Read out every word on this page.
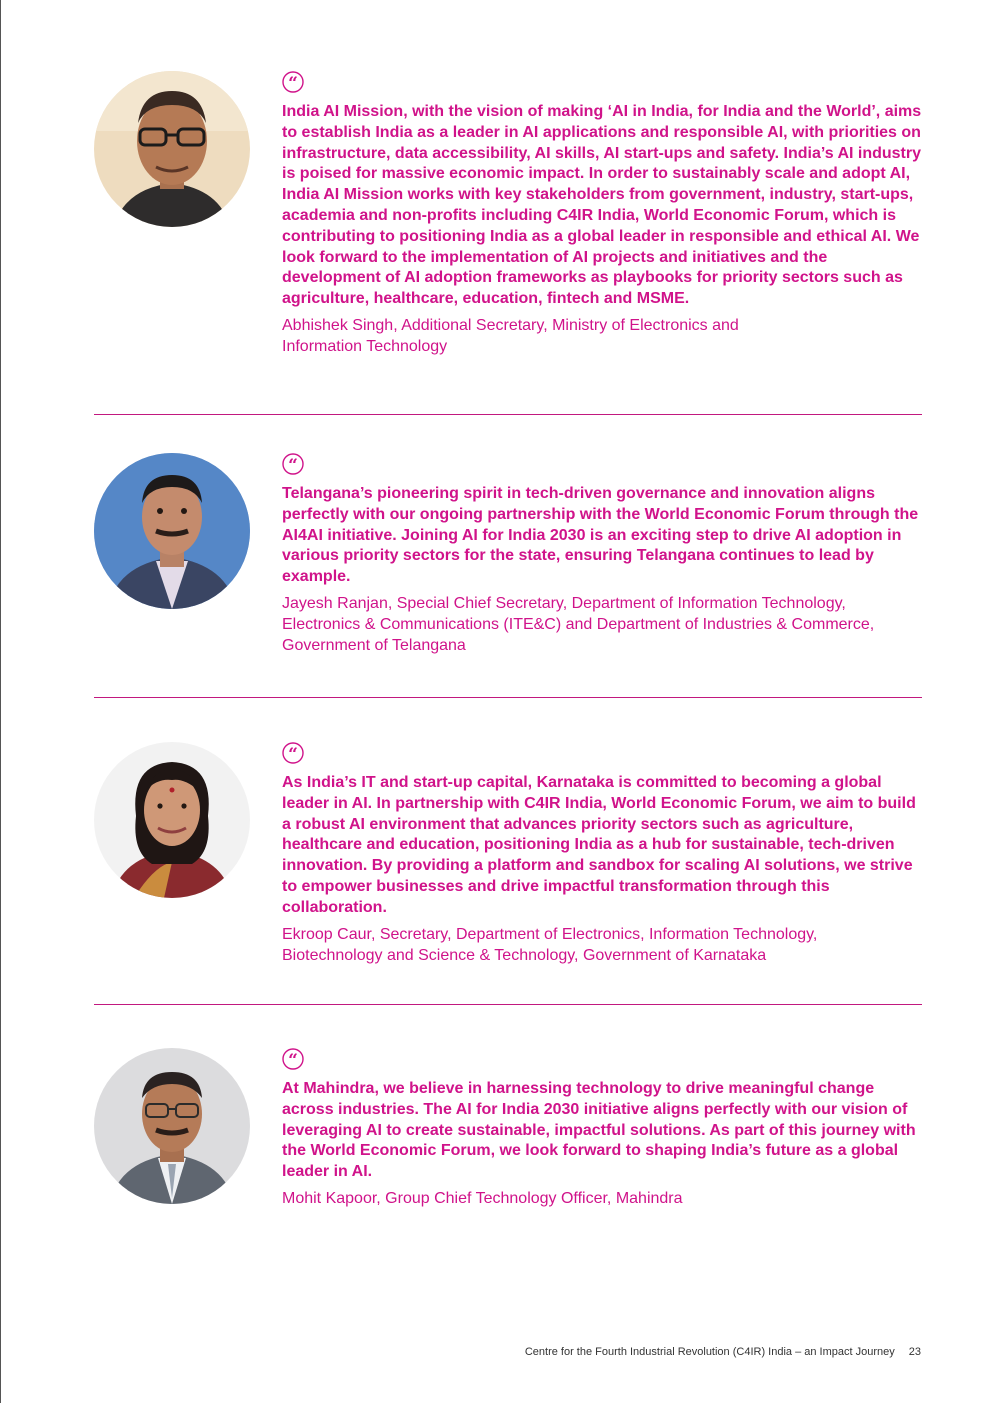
“

India AI Mission, with the vision of making ‘AI in India, for India and the World’, aims to establish India as a leader in AI applications and responsible AI, with priorities on infrastructure, data accessibility, AI skills, AI start-ups and safety. India’s AI industry is poised for massive economic impact. In order to sustainably scale and adopt AI, India AI Mission works with key stakeholders from government, industry, start-ups, academia and non-profits including C4IR India, World Economic Forum, which is contributing to positioning India as a global leader in responsible and ethical AI. We look forward to the implementation of AI projects and initiatives and the development of AI adoption frameworks as playbooks for priority sectors such as agriculture, healthcare, education, fintech and MSME.

Abhishek Singh, Additional Secretary, Ministry of Electronics and Information Technology

“

Telangana’s pioneering spirit in tech-driven governance and innovation aligns perfectly with our ongoing partnership with the World Economic Forum through the AI4AI initiative. Joining AI for India 2030 is an exciting step to drive AI adoption in various priority sectors for the state, ensuring Telangana continues to lead by example.

Jayesh Ranjan, Special Chief Secretary, Department of Information Technology, Electronics & Communications (ITE&C) and Department of Industries & Commerce, Government of Telangana

“

As India’s IT and start-up capital, Karnataka is committed to becoming a global leader in AI. In partnership with C4IR India, World Economic Forum, we aim to build a robust AI environment that advances priority sectors such as agriculture, healthcare and education, positioning India as a hub for sustainable, tech-driven innovation. By providing a platform and sandbox for scaling AI solutions, we strive to empower businesses and drive impactful transformation through this collaboration.

Ekroop Caur, Secretary, Department of Electronics, Information Technology, Biotechnology and Science & Technology, Government of Karnataka

“

At Mahindra, we believe in harnessing technology to drive meaningful change across industries. The AI for India 2030 initiative aligns perfectly with our vision of leveraging AI to create sustainable, impactful solutions. As part of this journey with the World Economic Forum, we look forward to shaping India’s future as a global leader in AI.

Mohit Kapoor, Group Chief Technology Officer, Mahindra

Centre for the Fourth Industrial Revolution (C4IR) India – an Impact Journey 23
